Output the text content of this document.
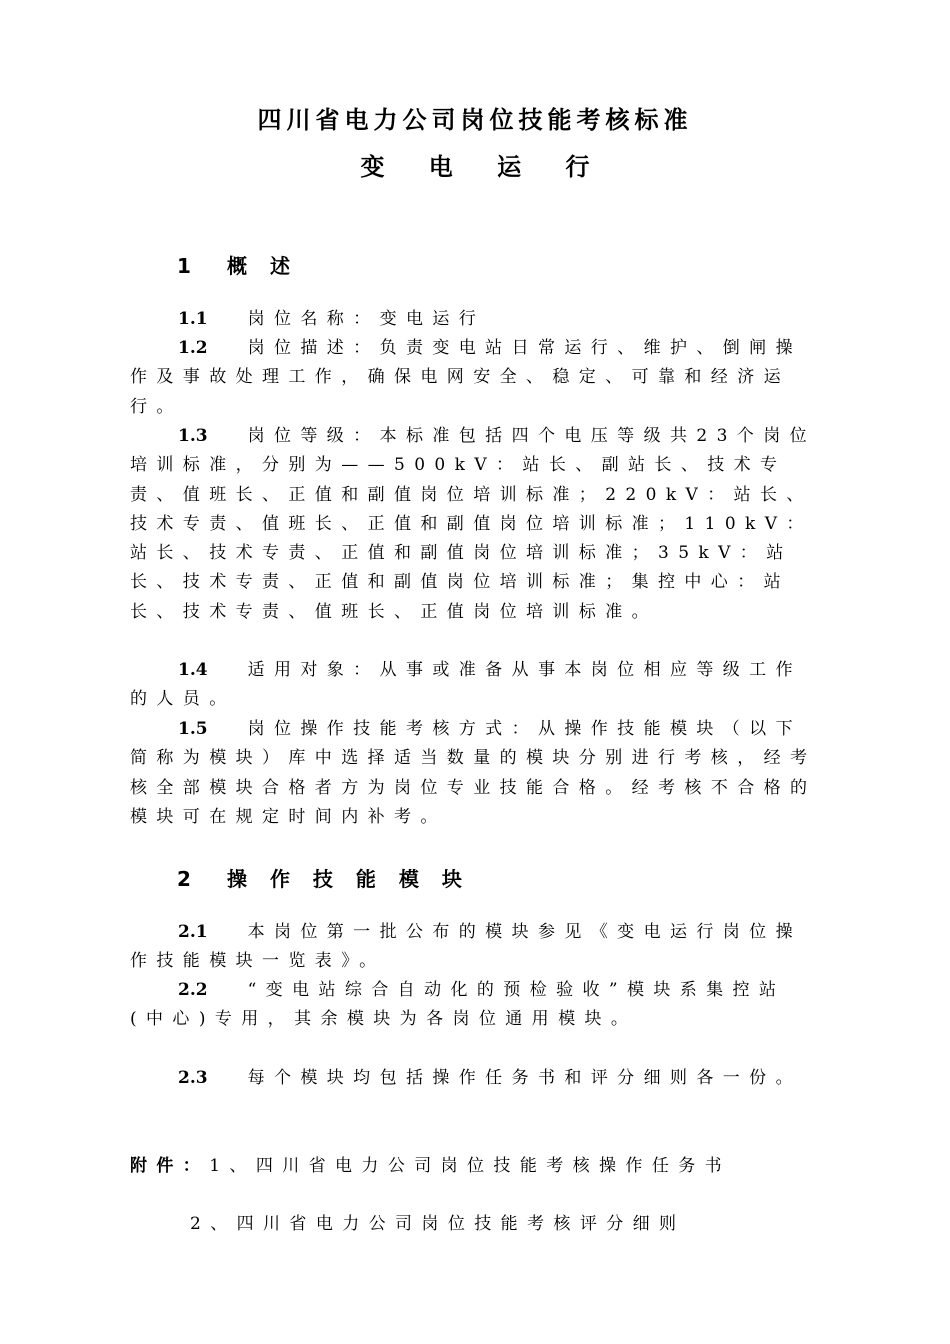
四川省电力公司岗位技能考核标准
变 电 运 行
1 概 述

1.1 岗位名称：变电运行

1.2 岗位描述：负责变电站日常运行、维护、倒闸操作及事故处理工作，确保电网安全、稳定、可靠和经济运行。

1.3 岗位等级：本标准包括四个电压等级共23个岗位培训标准，分别为——500kV：站长、副站长、技术专责、值班长、正值和副值岗位培训标准；220kV：站长、技术专责、值班长、正值和副值岗位培训标准；110kV：站长、技术专责、正值和副值岗位培训标准；35kV：站长、技术专责、正值和副值岗位培训标准；集控中心：站长、技术专责、值班长、正值岗位培训标准。

1.4 适用对象：从事或准备从事本岗位相应等级工作的人员。

1.5 岗位操作技能考核方式：从操作技能模块（以下简称为模块）库中选择适当数量的模块分别进行考核，经考核全部模块合格者方为岗位专业技能合格。经考核不合格的模块可在规定时间内补考。

2 操 作 技 能 模 块

2.1 本岗位第一批公布的模块参见《变电运行岗位操作技能模块一览表》。

2.2 “变电站综合自动化的预检验收”模块系集控站(中心)专用，其余模块为各岗位通用模块。

2.3 每个模块均包括操作任务书和评分细则各一份。

附件：1、四川省电力公司岗位技能考核操作任务书

2、四川省电力公司岗位技能考核评分细则
